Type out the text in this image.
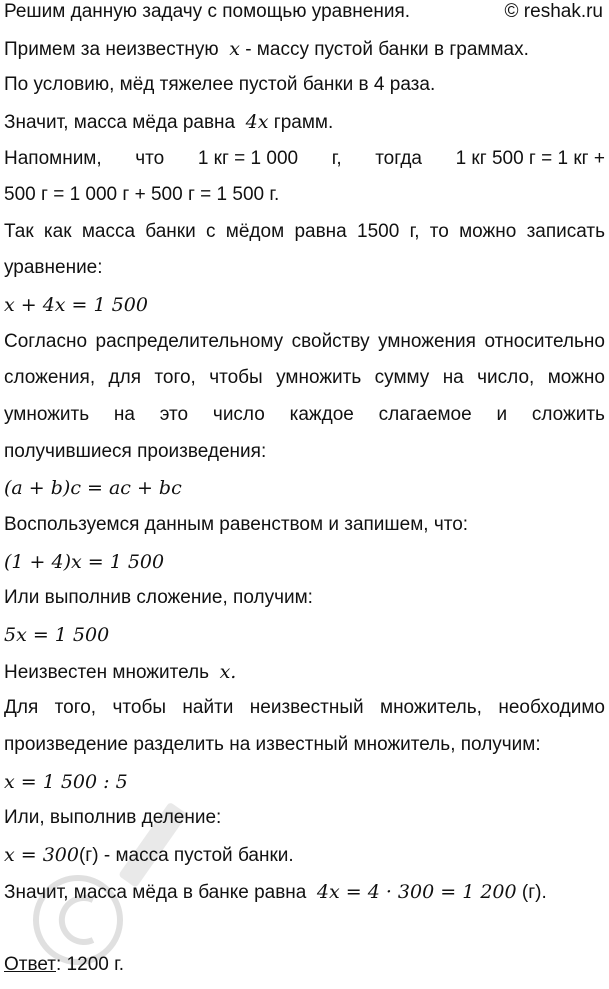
© reshak.ru
Решим данную задачу с помощью уравнения.
Примем за неизвестную x - массу пустой банки в граммах.
По условию, мёд тяжелее пустой банки в 4 раза.
Значит, масса мёда равна 4x грамм.
Напомним, что 1 кг = 1 000 г, тогда 1 кг 500 г = 1 кг +
500 г = 1 000 г + 500 г = 1 500 г.
Так как масса банки с мёдом равна 1500 г, то можно записать
уравнение:
x + 4x = 1 500
Согласно распределительному свойству умножения относительно
сложения, для того, чтобы умножить сумму на число, можно
умножить на это число каждое слагаемое и сложить
получившиеся произведения:
(a + b)c = ac + bc
Воспользуемся данным равенством и запишем, что:
(1 + 4)x = 1 500
Или выполнив сложение, получим:
5x = 1 500
Неизвестен множитель x.
Для того, чтобы найти неизвестный множитель, необходимо
произведение разделить на известный множитель, получим:
x = 1 500 : 5
Или, выполнив деление:
x = 300(г) - масса пустой банки.
Значит, масса мёда в банке равна 4x = 4 · 300 = 1 200 (г).
Ответ: 1200 г.
